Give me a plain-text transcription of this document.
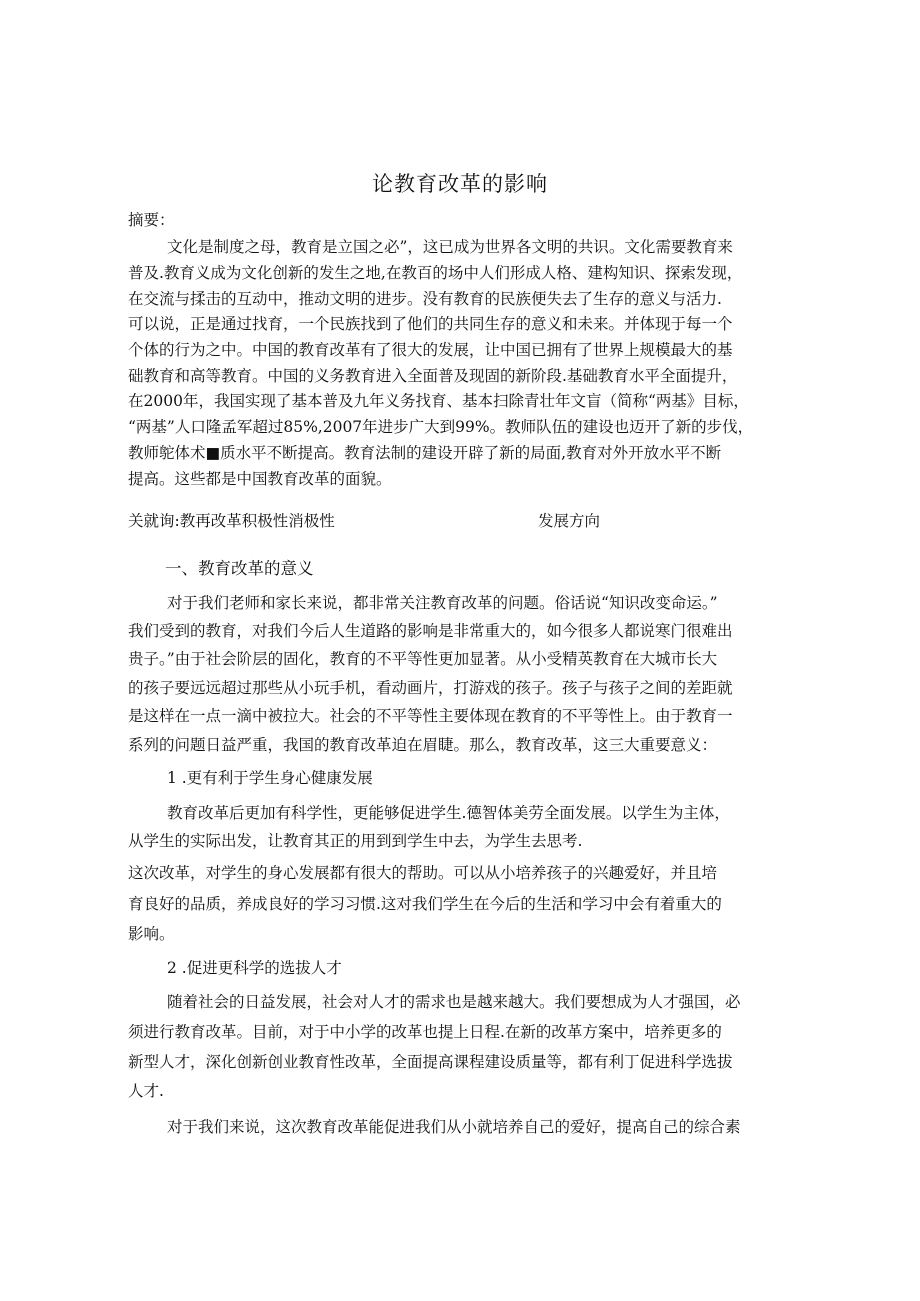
论教育改革的影响
摘要：
文化是制度之母，教育是立国之必”，这已成为世界各文明的共识。文化需要教育来
普及.教育义成为文化创新的发生之地,在教百的场中人们形成人格、建构知识、探索发现，
在交流与揉击的互动中，推动文明的进步。没有教育的民族便失去了生存的意义与活力.
可以说，正是通过找育，一个民族找到了他们的共同生存的意义和未来。并体现于每一个
个体的行为之中。中国的教育改革有了很大的发展，让中国已拥有了世界上规模最大的基
础教育和高等教育。中国的义务教育进入全面普及现固的新阶段.基础教育水平全面提升，
在2000年，我国实现了基本普及九年义务找育、基本扫除青壮年文盲（简称“两基》目标，
“两基”人口隆孟军超过85%,2007年进步广大到99%。教师队伍的建设也迈开了新的步伐，
教师鸵体术■质水平不断提高。教育法制的建设开辟了新的局面,教育对外开放水平不断
提高。这些都是中国教育改革的面貌。
关就询:教再改革积极性消极性	发展方向
一、教育改革的意义
对于我们老师和家长来说，都非常关注教育改革的问题。俗话说“知识改变命运。”
我们受到的教育，对我们今后人生道路的影响是非常重大的，如今很多人都说寒门很难出
贵子。”由于社会阶层的固化，教育的不平等性更加显著。从小受精英教育在大城市长大
的孩子要远远超过那些从小玩手机，看动画片，打游戏的孩子。孩子与孩子之间的差距就
是这样在一点一滴中被拉大。社会的不平等性主要体现在教育的不平等性上。由于教育一
系列的问题日益严重，我国的教育改革迫在眉睫。那么，教育改革，这三大重要意义：
1 .更有利于学生身心健康发展
教育改革后更加有科学性，更能够促进学生.德智体美劳全面发展。以学生为主体，
从学生的实际出发，让教育其正的用到到学生中去，为学生去思考.
这次改革，对学生的身心发展都有很大的帮助。可以从小培养孩子的兴趣爱好，并且培
育良好的品质，养成良好的学习习惯.这对我们学生在今后的生活和学习中会有着重大的
影响。
2 .促进更科学的选拔人才
随着社会的日益发展，社会对人才的需求也是越来越大。我们要想成为人才强国，必
须进行教育改革。目前，对于中小学的改革也提上日程.在新的改革方案中，培养更多的
新型人才，深化创新创业教育性改革，全面提高课程建设质量等，都有利丁促进科学选拔
人才.
对于我们来说，这次教育改革能促进我们从小就培养自己的爱好，提高自己的综合素
